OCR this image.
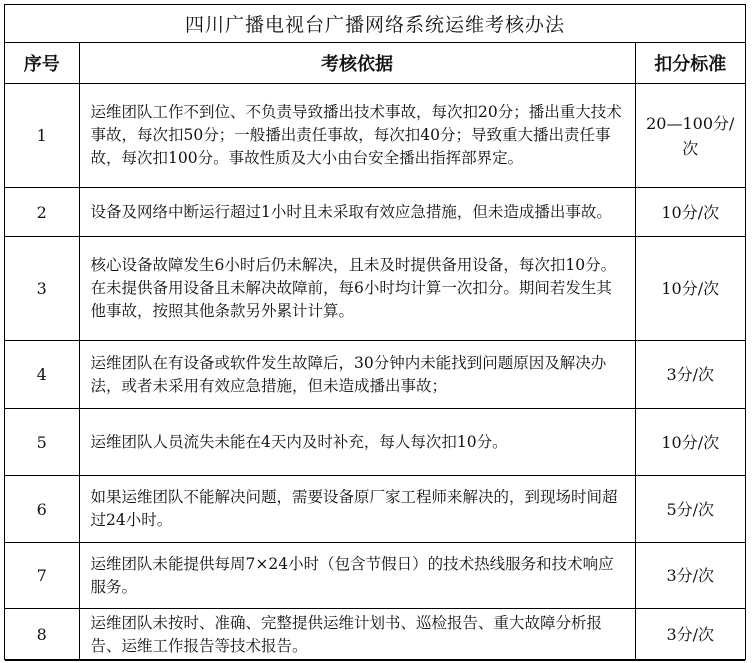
四川广播电视台广播网络系统运维考核办法
序号	考核依据	扣分标准
1	运维团队工作不到位、不负责导致播出技术事故，每次扣20分；播出重大技术事故，每次扣50分；一般播出责任事故，每次扣40分；导致重大播出责任事故，每次扣100分。事故性质及大小由台安全播出指挥部界定。	20—100分/次
2	设备及网络中断运行超过1小时且未采取有效应急措施，但未造成播出事故。	10分/次
3	核心设备故障发生6小时后仍未解决，且未及时提供备用设备，每次扣10分。在未提供备用设备且未解决故障前，每6小时均计算一次扣分。期间若发生其他事故，按照其他条款另外累计计算。	10分/次
4	运维团队在有设备或软件发生故障后，30分钟内未能找到问题原因及解决办法，或者未采用有效应急措施，但未造成播出事故；	3分/次
5	运维团队人员流失未能在4天内及时补充，每人每次扣10分。	10分/次
6	如果运维团队不能解决问题，需要设备原厂家工程师来解决的，到现场时间超过24小时。	5分/次
7	运维团队未能提供每周7×24小时（包含节假日）的技术热线服务和技术响应服务。	3分/次
8	运维团队未按时、准确、完整提供运维计划书、巡检报告、重大故障分析报告、运维工作报告等技术报告。	3分/次
